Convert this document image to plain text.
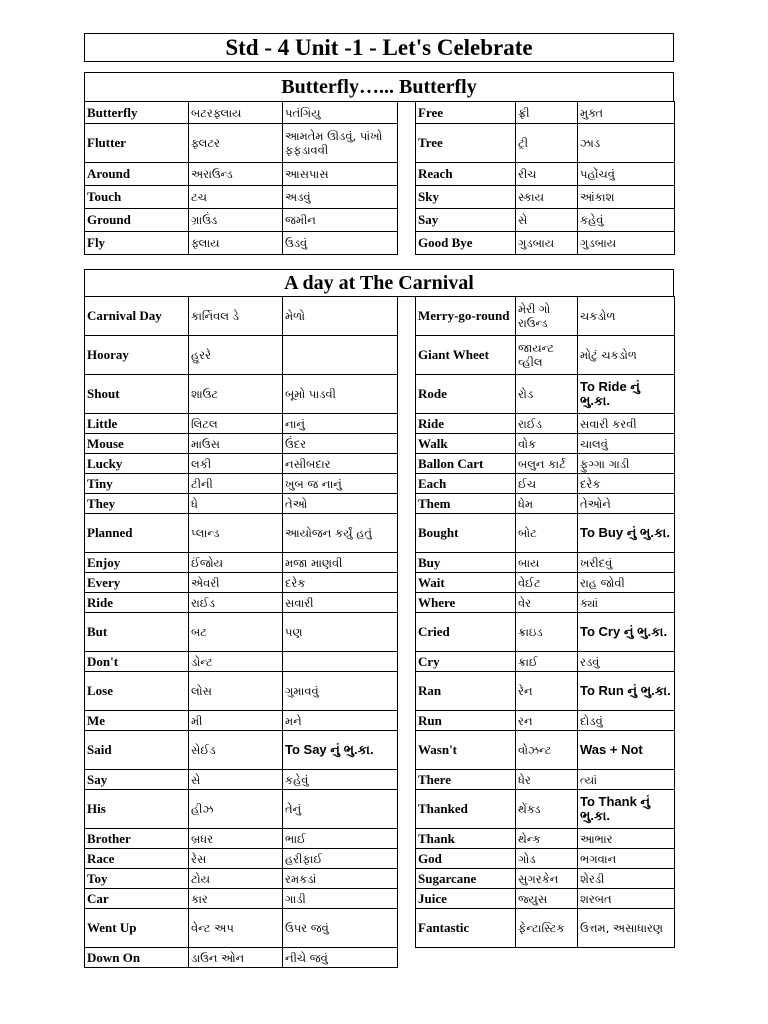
Std - 4 Unit -1 - Let's Celebrate
Butterfly…... Butterfly
Butterfly	બટરફ્લાય	પતંગિયુ
Flutter	ફ્લટર	આમતેમ ઊડવું, પાંખો ફફડાવવી
Around	અરાઉન્ડ	આસપાસ
Touch	ટચ	અડવું
Ground	ગ્રાઉંડ	જમીન
Fly	ફ્લાય	ઉડવું
Free	ફ્રી	મુક્ત
Tree	ટ્રી	ઝાડ
Reach	રીચ	પહોંચવું
Sky	સ્કાય	આંકાશ
Say	સે	કહેવું
Good Bye	ગુડબાય	ગુડબાય
A day at The Carnival
Carnival Day	કાર્નિવલ ડે	મેળો
Hooray	હુરરે	
Shout	શાઉટ	બૂમો પાડવી
Little	લિટલ	નાનું
Mouse	માઉસ	ઉંદર
Lucky	લકી	નસીબદાર
Tiny	ટીની	ખુબ જ નાનું
They	ધે	તેઓ
Planned	પ્લાન્ડ	આયોજન કર્યું હતું
Enjoy	ઈંજોય	મજા માણવી
Every	એવરી	દરેક
Ride	રાઈડ	સવારી
But	બટ	પણ
Don't	ડોન્ટ	
Lose	લોસ	ગુમાવવું
Me	મી	મને
Said	સેઈડ	To Say નું ભુ.કા.
Say	સે	કહેવું
His	હીઝ	તેનું
Brother	બ્રધર	ભાઈ
Race	રેસ	હરીફાઈ
Toy	ટોય	રમકડાં
Car	કાર	ગાડી
Went Up	વેન્ટ અપ	ઉપર જવું
Down On	ડાઉન ઓન	નીચે જવું
Merry-go-round	મેરી ગો રાઉન્ડ	ચકડોળ
Giant Wheet	જાયન્ટ વ્હીલ	મોટું ચકડોળ
Rode	રોડ	To Ride નું ભુ.કા.
Ride	રાઈડ	સવારી કરવી
Walk	વોક	ચાલવું
Ballon Cart	બલુન કાર્ટ	ફુગ્ગા ગાડી
Each	ઈચ	દરેક
Them	ધેમ	તેઓને
Bought	બોટ	To Buy નું ભુ.કા.
Buy	બાય	ખરીદવું
Wait	વેઈટ	રાહ જોવી
Where	વેર	ક્યાં
Cried	ક્રાઇડ	To Cry નું ભુ.કા.
Cry	ક્રાઈ	રડવું
Ran	રેન	To Run નું ભુ.કા.
Run	રન	દોડવું
Wasn't	વોઝન્ટ	Was + Not
There	ધેર	ત્યાં
Thanked	થેંક્ડ	To Thank નું ભુ.કા.
Thank	થેન્ક	આભાર
God	ગોડ	ભગવાન
Sugarcane	સુગરકેન	શેરડી
Juice	જ્યુસ	શરબત
Fantastic	ફેન્ટાસ્ટિક	ઉત્તમ, અસાધારણ
